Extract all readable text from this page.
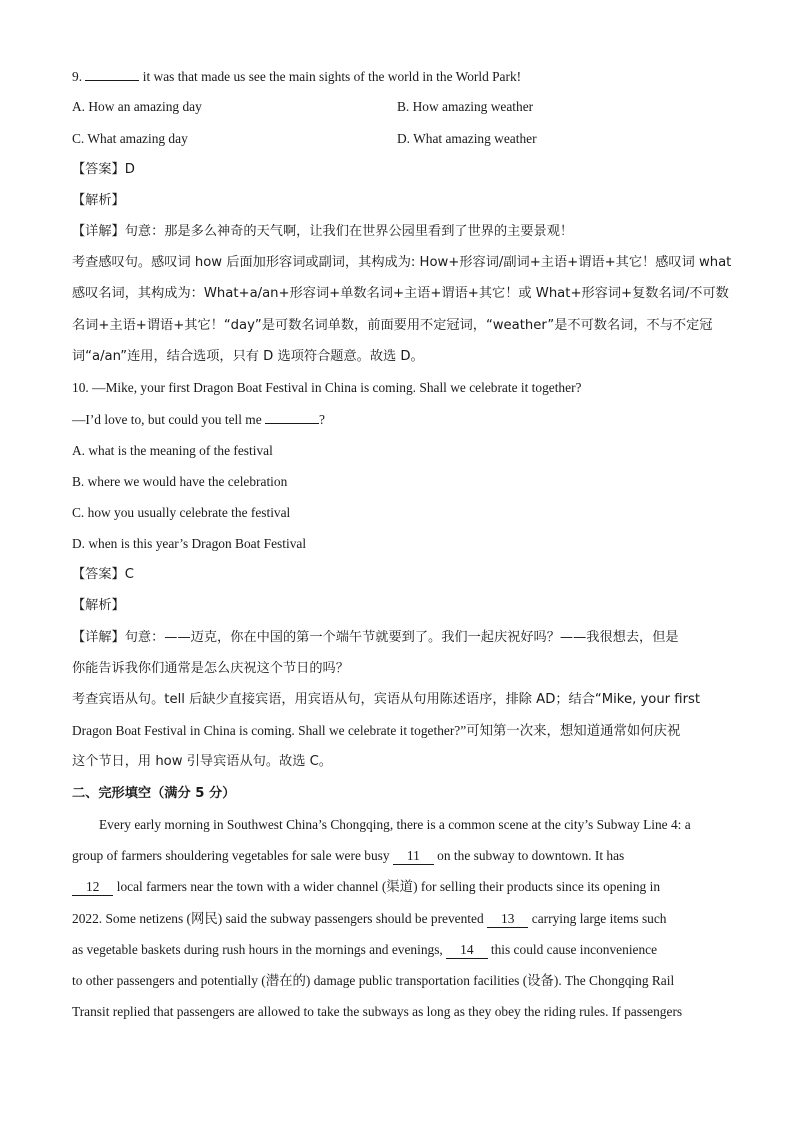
9.	it was that made us see the main sights of the world in the World Park!
A. How an amazing day	B. How amazing weather
C. What amazing day	D. What amazing weather
【答案】D
【解析】
【详解】句意：那是多么神奇的天气啊，让我们在世界公园里看到了世界的主要景观！
考查感叹句。感叹词 how 后面加形容词或副词，其构成为: How+形容词/副词+主语+谓语+其它！感叹词 what
感叹名词，其构成为：What+a/an+形容词+单数名词+主语+谓语+其它！或 What+形容词+复数名词/不可数
名词+主语+谓语+其它！“day”是可数名词单数，前面要用不定冠词，“weather”是不可数名词，不与不定冠
词“a/an”连用，结合选项，只有 D 选项符合题意。故选 D。
10. —Mike, your first Dragon Boat Festival in China is coming. Shall we celebrate it together?
—I’d love to, but could you tell me	?
A. what is the meaning of the festival
B. where we would have the celebration
C. how you usually celebrate the festival
D. when is this year’s Dragon Boat Festival
【答案】C
【解析】
【详解】句意：——迈克，你在中国的第一个端午节就要到了。我们一起庆祝好吗？——我很想去，但是
你能告诉我你们通常是怎么庆祝这个节日的吗？
考查宾语从句。tell 后缺少直接宾语，用宾语从句，宾语从句用陈述语序，排除 AD；结合“Mike, your first
Dragon Boat Festival in China is coming. Shall we celebrate it together?”可知第一次来，想知道通常如何庆祝
这个节日，用 how 引导宾语从句。故选 C。
二、完形填空（满分 5 分）
Every early morning in Southwest China’s Chongqing, there is a common scene at the city’s Subway Line 4: a
group of farmers shouldering vegetables for sale were busy 11 on the subway to downtown. It has
12 local farmers near the town with a wider channel (渠道) for selling their products since its opening in
2022. Some netizens (网民) said the subway passengers should be prevented 13 carrying large items such
as vegetable baskets during rush hours in the mornings and evenings, 14 this could cause inconvenience
to other passengers and potentially (潜在的) damage public transportation facilities (设备). The Chongqing Rail
Transit replied that passengers are allowed to take the subways as long as they obey the riding rules. If passengers
